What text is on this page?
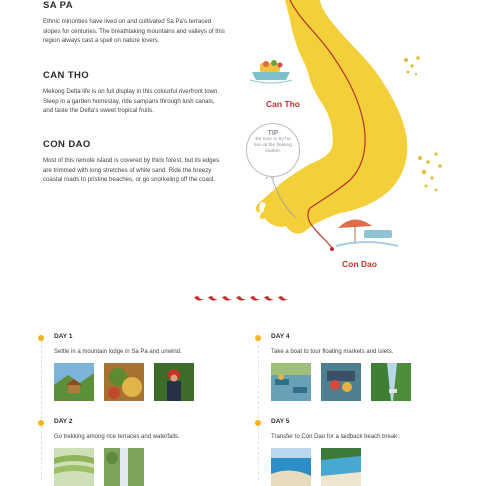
SA PA

Ethnic minorities have lived on and cultivated Sa Pa's terraced slopes for centuries. The breathtaking mountains and valleys of this region always cast a spell on nature lovers.

CAN THO

Mekong Delta life is on full display in this colourful riverfront town. Sleep in a garden homestay, ride sampans through lush canals, and taste the Delta's sweet tropical fruits.

CON DAO

Most of this remote island is covered by thick forest, but its edges are trimmed with long stretches of white sand. Ride the breezy coastal roads to pristine beaches, or go snorkeling off the coast.

Can Tho
Con Dao
TIP
Be sure to try hu tieu at the floating market.
DAY 1

Settle in a mountain lodge in Sa Pa and unwind.

DAY 4

Take a boat to tour floating markets and islets.

DAY 2

Go trekking among rice terraces and waterfalls.

DAY 5

Transfer to Con Dao for a laidback beach break .
